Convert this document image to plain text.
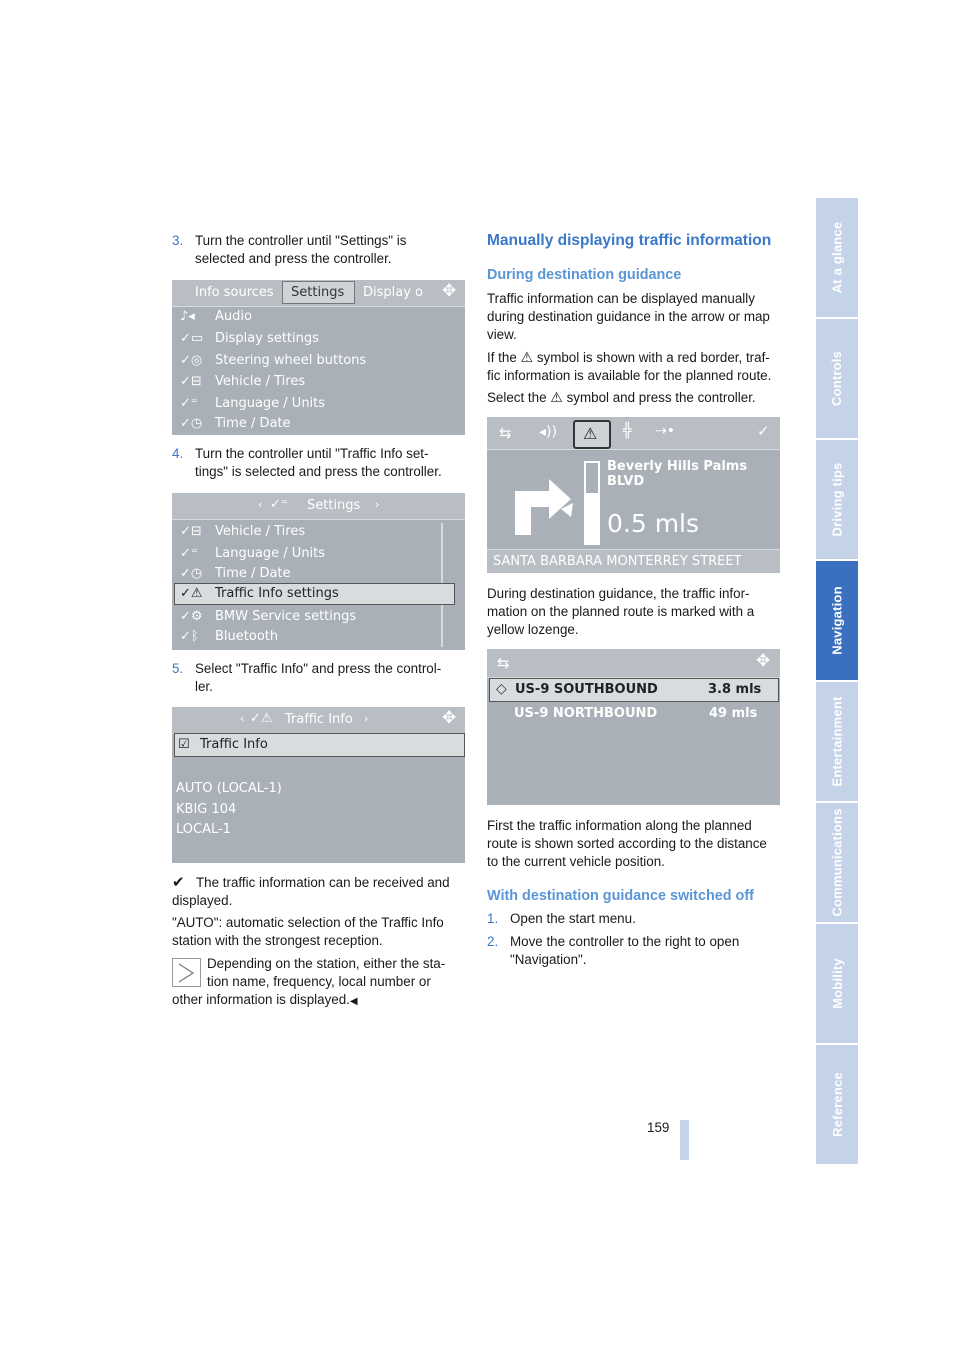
3. Turn the controller until "Settings" is
selected and press the controller.
Info sources Settings Display o ✥
♪◂ Audio
✓▭ Display settings
✓◎ Steering wheel buttons
✓⊟ Vehicle / Tires
✓⁼ Language / Units
✓◷ Time / Date
4. Turn the controller until "Traffic Info set-
tings" is selected and press the controller.
‹ ✓⁼ Settings ›
✓⊟ Vehicle / Tires
✓⁼ Language / Units
✓◷ Time / Date
✓⚠ Traffic Info settings
✓⚙ BMW Service settings
✓ᛒ Bluetooth
5. Select "Traffic Info" and press the control-
ler.
‹ ✓⚠ Traffic Info ›	✥
☑ Traffic Info
AUTO (LOCAL-1)
KBIG 104
LOCAL-1
✔ The traffic information can be received and
displayed.
"AUTO": automatic selection of the Traffic Info
station with the strongest reception.
Depending on the station, either the sta-
tion name, frequency, local number or
other information is displayed.◀
Manually displaying traffic information
During destination guidance
Traffic information can be displayed manually
during destination guidance in the arrow or map
view.
If the ⚠ symbol is shown with a red border, traf-
fic information is available for the planned route.
Select the ⚠ symbol and press the controller.
⇆ ◂)) ⚠ ╬ ⇢•	✓
Beverly Hills Palms BLVD
0.5 mls
SANTA BARBARA MONTERREY STREET
During destination guidance, the traffic infor-
mation on the planned route is marked with a
yellow lozenge.
⇆	✥
◇ US-9 SOUTHBOUND	3.8 mls
US-9 NORTHBOUND	49 mls
First the traffic information along the planned
route is shown sorted according to the distance
to the current vehicle position.
With destination guidance switched off
1. Open the start menu.
2. Move the controller to the right to open
"Navigation".
159
At a glance
Controls
Driving tips
Navigation
Entertainment
Communications
Mobility
Reference
